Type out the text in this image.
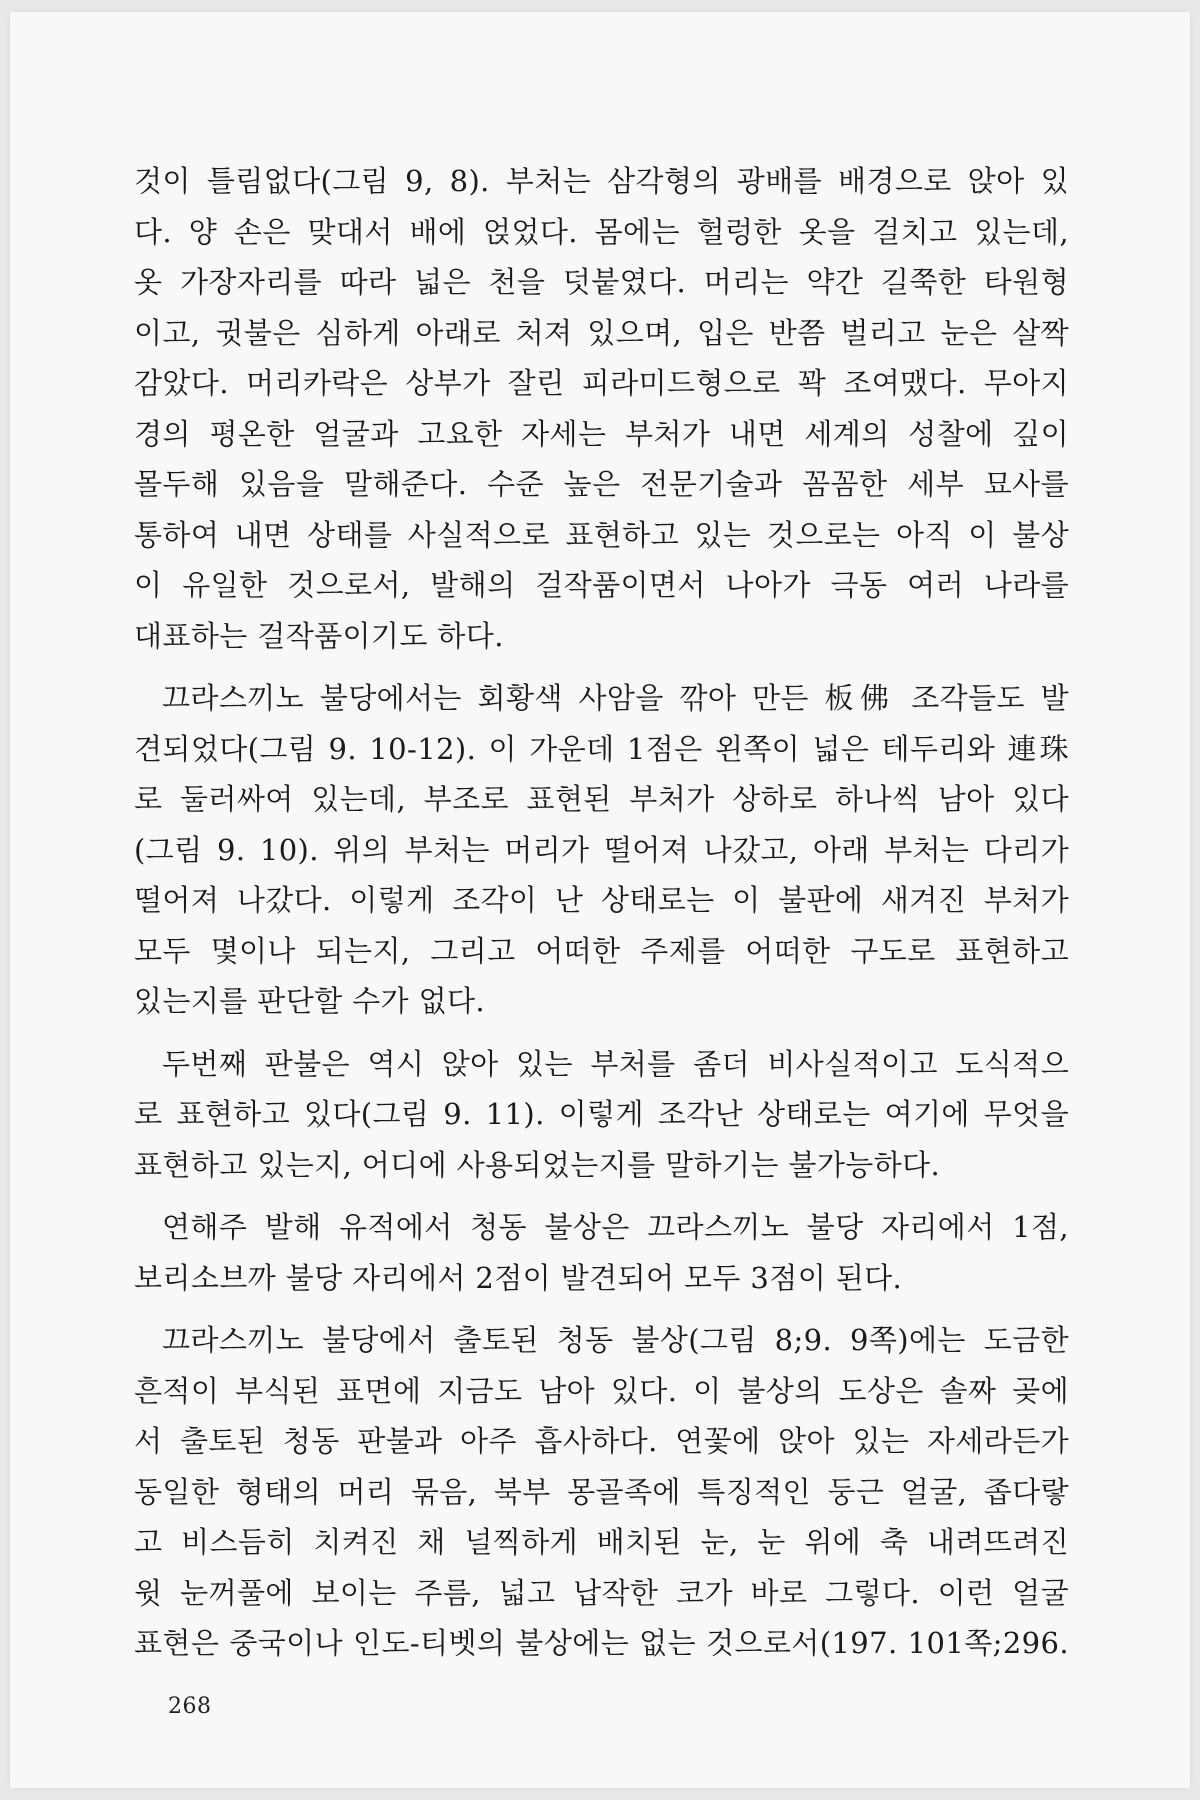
것이 틀림없다(그림 9, 8). 부처는 삼각형의 광배를 배경으로 앉아 있
다. 양 손은 맞대서 배에 얹었다. 몸에는 헐렁한 옷을 걸치고 있는데,
옷 가장자리를 따라 넓은 천을 덧붙였다. 머리는 약간 길쭉한 타원형
이고, 귓불은 심하게 아래로 처져 있으며, 입은 반쯤 벌리고 눈은 살짝
감았다. 머리카락은 상부가 잘린 피라미드형으로 꽉 조여맸다. 무아지
경의 평온한 얼굴과 고요한 자세는 부처가 내면 세계의 성찰에 깊이
몰두해 있음을 말해준다. 수준 높은 전문기술과 꼼꼼한 세부 묘사를
통하여 내면 상태를 사실적으로 표현하고 있는 것으로는 아직 이 불상
이 유일한 것으로서, 발해의 걸작품이면서 나아가 극동 여러 나라를
대표하는 걸작품이기도 하다.
끄라스끼노 불당에서는 회황색 사암을 깎아 만든 板佛 조각들도 발
견되었다(그림 9. 10-12). 이 가운데 1점은 왼쪽이 넓은 테두리와 連珠
로 둘러싸여 있는데, 부조로 표현된 부처가 상하로 하나씩 남아 있다
(그림 9. 10). 위의 부처는 머리가 떨어져 나갔고, 아래 부처는 다리가
떨어져 나갔다. 이렇게 조각이 난 상태로는 이 불판에 새겨진 부처가
모두 몇이나 되는지, 그리고 어떠한 주제를 어떠한 구도로 표현하고
있는지를 판단할 수가 없다.
두번째 판불은 역시 앉아 있는 부처를 좀더 비사실적이고 도식적으
로 표현하고 있다(그림 9. 11). 이렇게 조각난 상태로는 여기에 무엇을
표현하고 있는지, 어디에 사용되었는지를 말하기는 불가능하다.
연해주 발해 유적에서 청동 불상은 끄라스끼노 불당 자리에서 1점,
보리소브까 불당 자리에서 2점이 발견되어 모두 3점이 된다.
끄라스끼노 불당에서 출토된 청동 불상(그림 8;9. 9쪽)에는 도금한
흔적이 부식된 표면에 지금도 남아 있다. 이 불상의 도상은 솔짜 곶에
서 출토된 청동 판불과 아주 흡사하다. 연꽃에 앉아 있는 자세라든가
동일한 형태의 머리 묶음, 북부 몽골족에 특징적인 둥근 얼굴, 좁다랗
고 비스듬히 치켜진 채 널찍하게 배치된 눈, 눈 위에 축 내려뜨려진
윗 눈꺼풀에 보이는 주름, 넓고 납작한 코가 바로 그렇다. 이런 얼굴
표현은 중국이나 인도-티벳의 불상에는 없는 것으로서(197. 101쪽;296.
268
